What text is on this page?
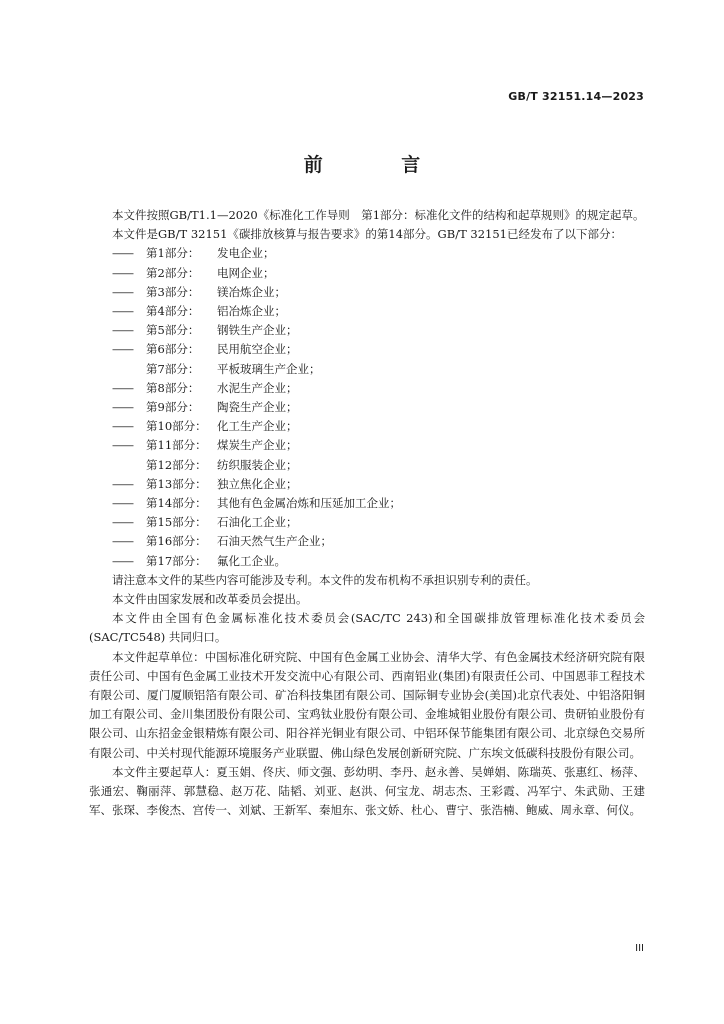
GB/T 32151.14—2023
前 言

本文件按照GB/T1.1—2020《标准化工作导则　第1部分：标准化文件的结构和起草规则》的规定起草。

本文件是GB/T 32151《碳排放核算与报告要求》的第14部分。GB/T 32151已经发布了以下部分：

—— 第1部分： 发电企业；
—— 第2部分： 电网企业；
—— 第3部分： 镁冶炼企业；
—— 第4部分： 铝冶炼企业；
—— 第5部分： 钢铁生产企业；
—— 第6部分： 民用航空企业；
第7部分： 平板玻璃生产企业；
—— 第8部分： 水泥生产企业；
—— 第9部分： 陶瓷生产企业；
—— 第10部分： 化工生产企业；
—— 第11部分： 煤炭生产企业；
第12部分： 纺织服装企业；
—— 第13部分： 独立焦化企业；
—— 第14部分： 其他有色金属冶炼和压延加工企业；
—— 第15部分： 石油化工企业；
—— 第16部分： 石油天然气生产企业；
—— 第17部分： 氟化工企业。

请注意本文件的某些内容可能涉及专利。本文件的发布机构不承担识别专利的责任。

本文件由国家发展和改革委员会提出。

本文件由全国有色金属标准化技术委员会(SAC/TC 243)和全国碳排放管理标准化技术委员会(SAC/TC548) 共同归口。

本文件起草单位：中国标准化研究院、中国有色金属工业协会、清华大学、有色金属技术经济研究院有限责任公司、中国有色金属工业技术开发交流中心有限公司、西南铝业(集团)有限责任公司、中国恩菲工程技术有限公司、厦门厦顺铝箔有限公司、矿冶科技集团有限公司、国际铜专业协会(美国)北京代表处、中铝洛阳铜加工有限公司、金川集团股份有限公司、宝鸡钛业股份有限公司、金堆城钼业股份有限公司、贵研铂业股份有限公司、山东招金金银精炼有限公司、阳谷祥光铜业有限公司、中铝环保节能集团有限公司、北京绿色交易所有限公司、中关村现代能源环境服务产业联盟、佛山绿色发展创新研究院、广东埃文低碳科技股份有限公司。

本文件主要起草人：夏玉娟、佟庆、师文强、彭幼明、李丹、赵永善、吴婵娟、陈瑞英、张惠红、杨萍、张通宏、鞠丽萍、郭慧稳、赵万花、陆韬、刘亚、赵洪、何宝龙、胡志杰、王彩霞、冯军宁、朱武勋、王建军、张琛、李俊杰、宫传一、刘斌、王新军、秦旭东、张文娇、杜心、曹宁、张浩楠、鲍威、周永章、何仪。

III
